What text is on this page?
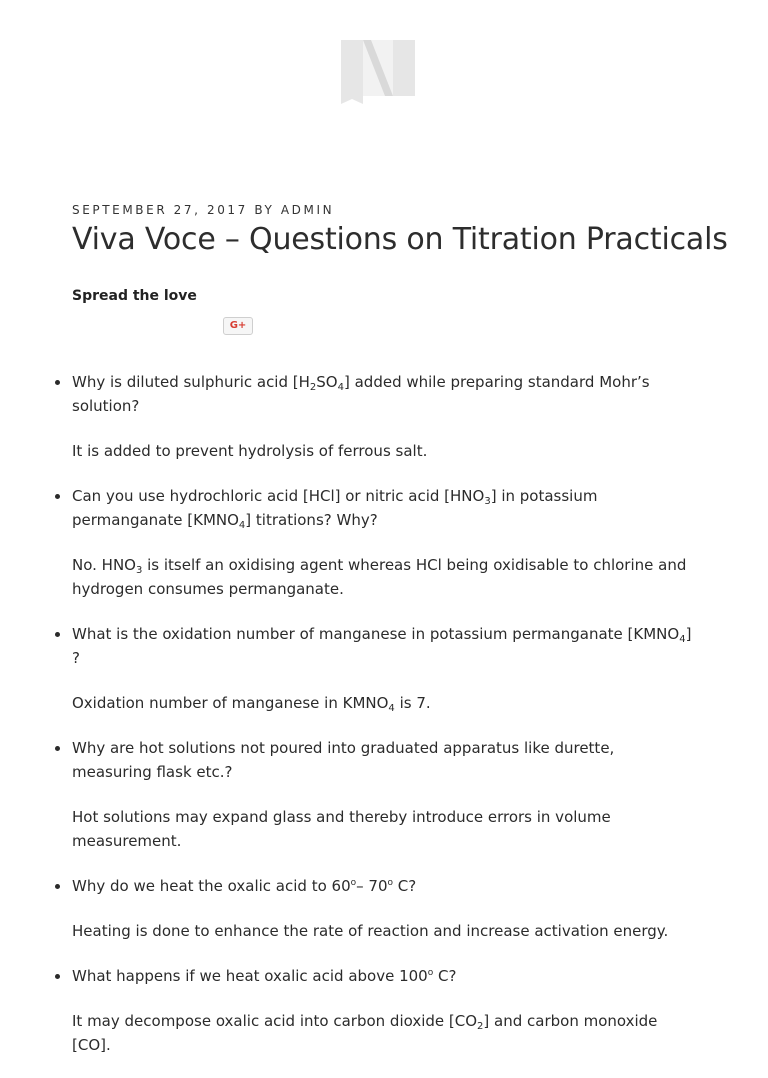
SEPTEMBER 27, 2017 BY ADMIN
Viva Voce – Questions on Titration Practicals
Spread the love
G+

Why is diluted sulphuric acid $[H_2SO_4]$ added while preparing standard Mohr’s solution?

It is added to prevent hydrolysis of ferrous salt.

Can you use hydrochloric acid [HCl] or nitric acid $[HNO_3]$ in potassium permanganate $[KMNO_4]$ titrations? Why?

No. $HNO_3$ is itself an oxidising agent whereas HCl being oxidisable to chlorine and hydrogen consumes permanganate.

What is the oxidation number of manganese in potassium permanganate $[KMNO_4]$ ?

Oxidation number of manganese in $KMNO_4$ is 7.

Why are hot solutions not poured into graduated apparatus like durette, measuring flask etc.?

Hot solutions may expand glass and thereby introduce errors in volume measurement.

Why do we heat the oxalic acid to 60$^o$– 70$^o$ C?

Heating is done to enhance the rate of reaction and increase activation energy.

What happens if we heat oxalic acid above 100$^o$ C?

It may decompose oxalic acid into carbon dioxide $[CO_2]$ and carbon monoxide [CO].
